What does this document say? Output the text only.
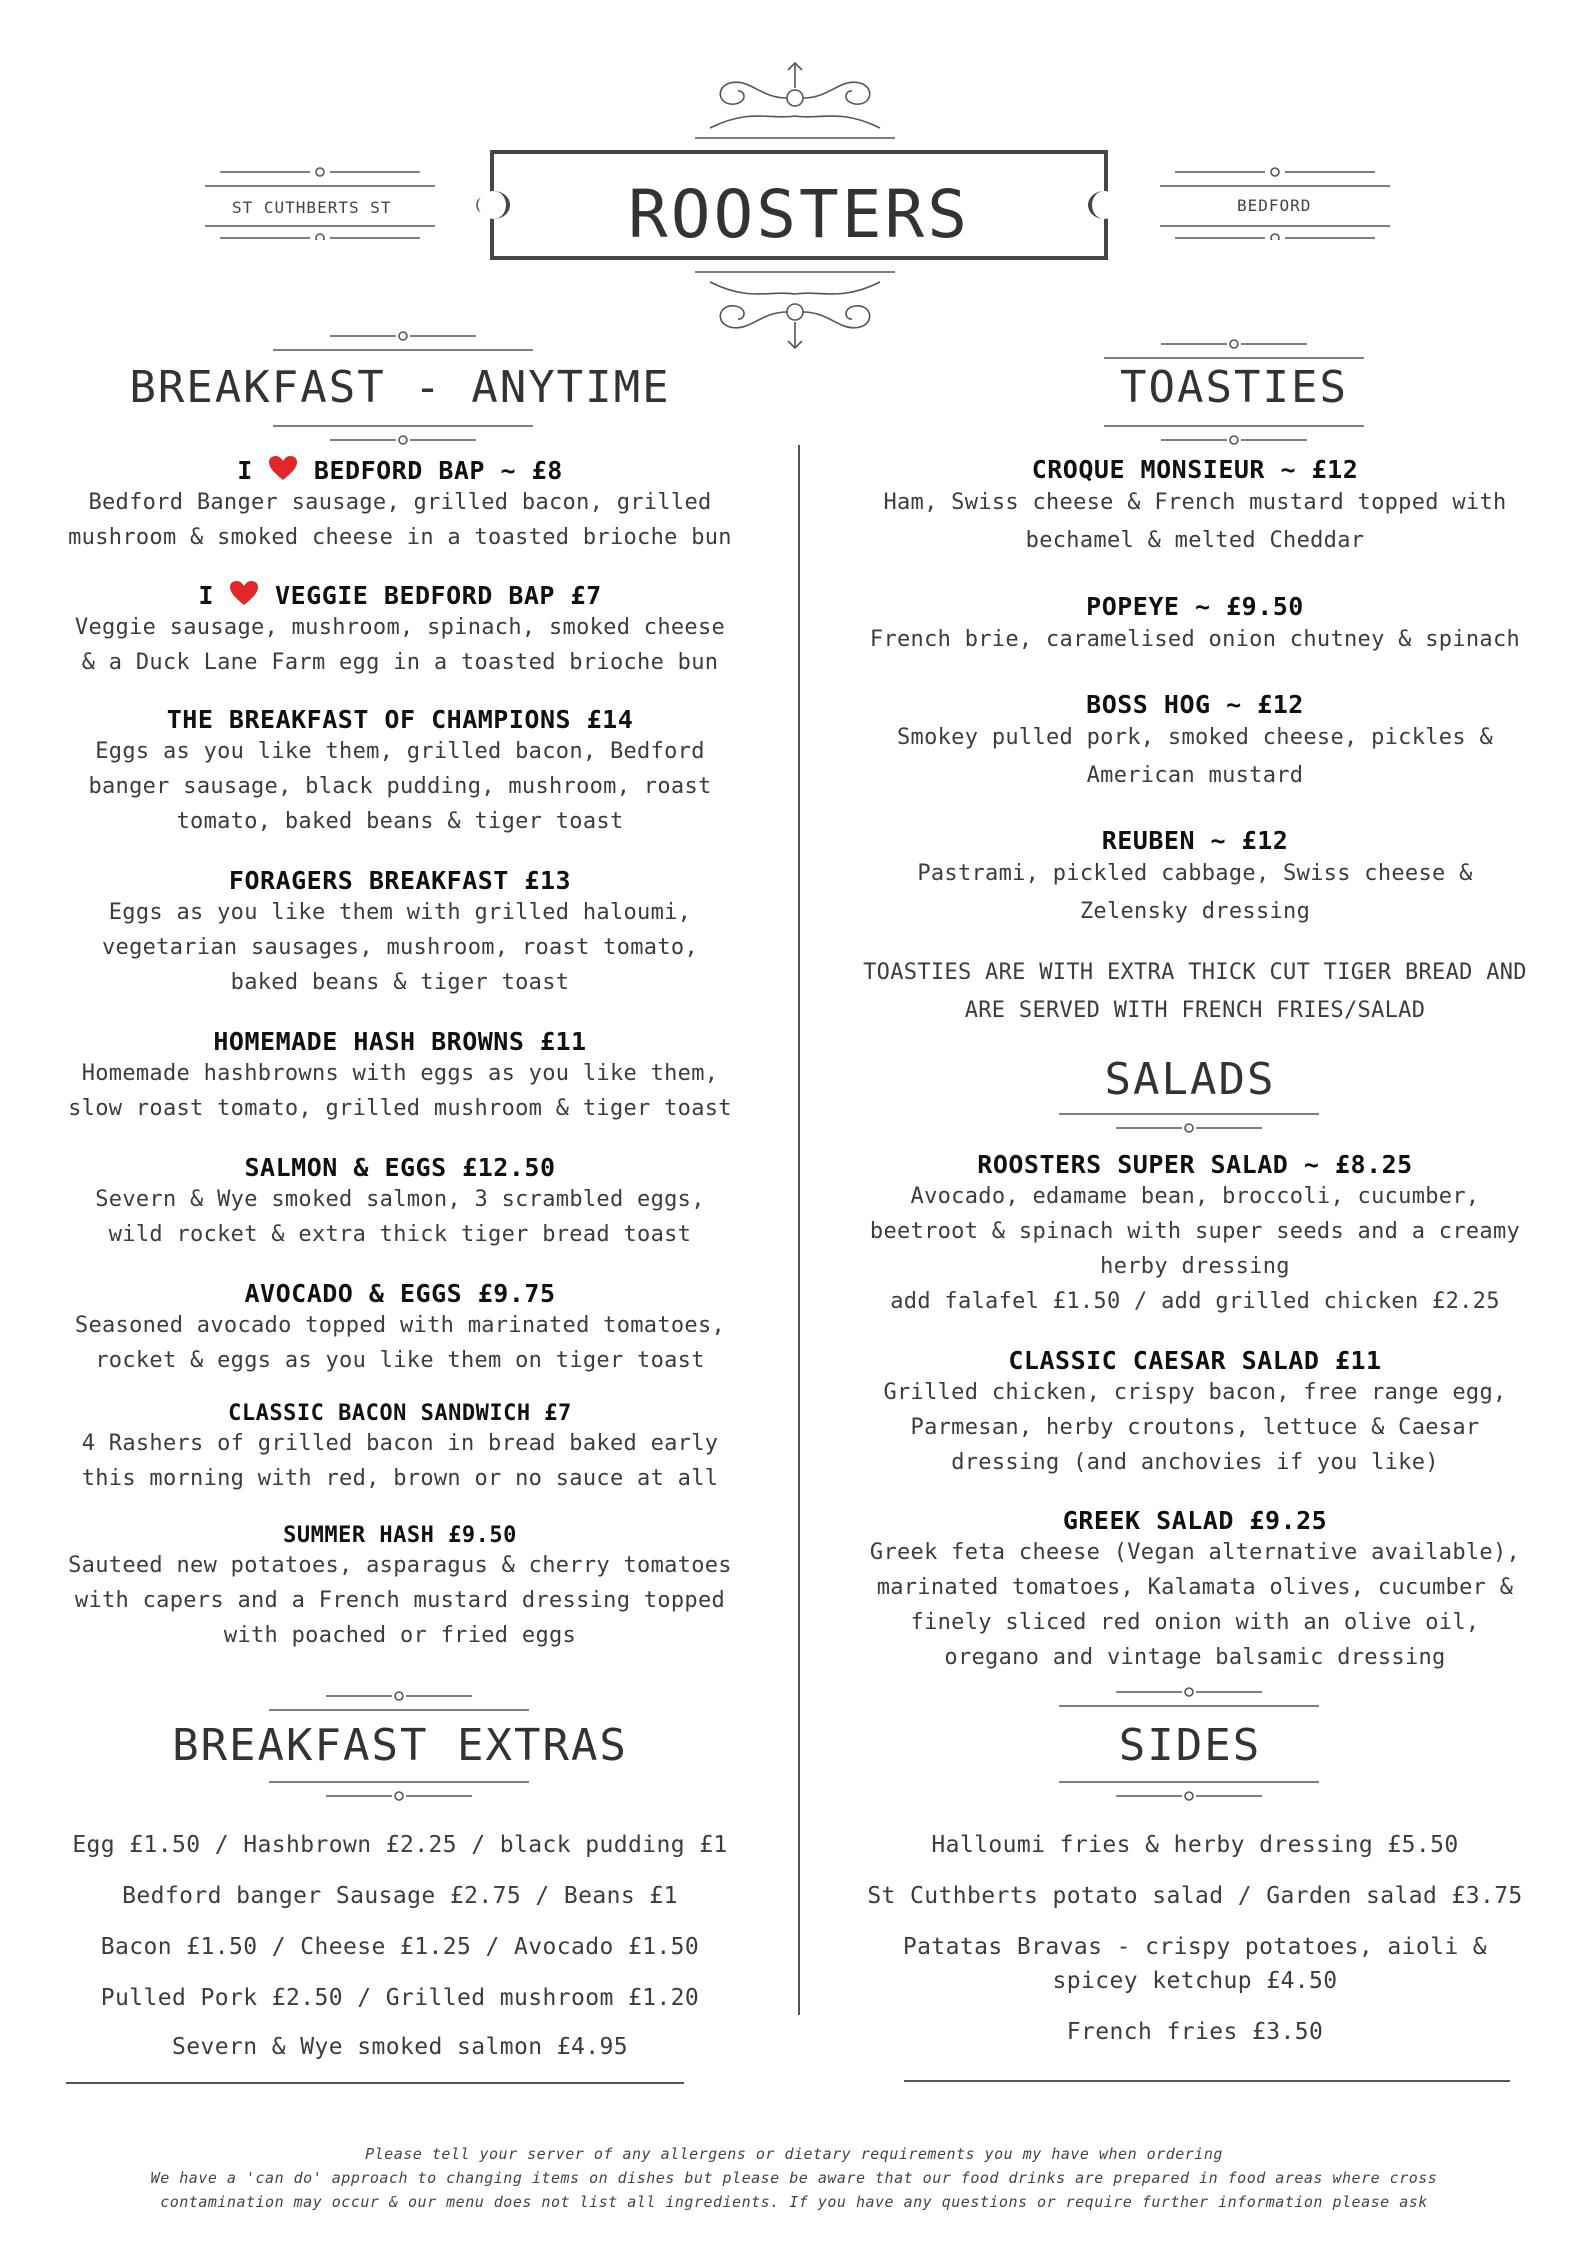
ST CUTHBERTS ST	BEDFORD
ROOSTERS
BREAKFAST - ANYTIME	TOASTIES
I BEDFORD BAP ~ £8
Bedford Banger sausage, grilled bacon, grilled
mushroom & smoked cheese in a toasted brioche bun
I VEGGIE BEDFORD BAP £7
Veggie sausage, mushroom, spinach, smoked cheese
& a Duck Lane Farm egg in a toasted brioche bun
THE BREAKFAST OF CHAMPIONS £14
Eggs as you like them, grilled bacon, Bedford
banger sausage, black pudding, mushroom, roast
tomato, baked beans & tiger toast
FORAGERS BREAKFAST £13
Eggs as you like them with grilled haloumi,
vegetarian sausages, mushroom, roast tomato,
baked beans & tiger toast
HOMEMADE HASH BROWNS £11
Homemade hashbrowns with eggs as you like them,
slow roast tomato, grilled mushroom & tiger toast
SALMON & EGGS £12.50
Severn & Wye smoked salmon, 3 scrambled eggs,
wild rocket & extra thick tiger bread toast
AVOCADO & EGGS £9.75
Seasoned avocado topped with marinated tomatoes,
rocket & eggs as you like them on tiger toast
CLASSIC BACON SANDWICH £7
4 Rashers of grilled bacon in bread baked early
this morning with red, brown or no sauce at all
SUMMER HASH £9.50
Sauteed new potatoes, asparagus & cherry tomatoes
with capers and a French mustard dressing topped
with poached or fried eggs
BREAKFAST EXTRAS

Egg £1.50 / Hashbrown £2.25 / black pudding £1

Bedford banger Sausage £2.75 / Beans £1

Bacon £1.50 / Cheese £1.25 / Avocado £1.50

Pulled Pork £2.50 / Grilled mushroom £1.20

Severn & Wye smoked salmon £4.95

CROQUE MONSIEUR ~ £12
Ham, Swiss cheese & French mustard topped with
bechamel & melted Cheddar
POPEYE ~ £9.50
French brie, caramelised onion chutney & spinach
BOSS HOG ~ £12
Smokey pulled pork, smoked cheese, pickles &
American mustard
REUBEN ~ £12
Pastrami, pickled cabbage, Swiss cheese &
Zelensky dressing
TOASTIES ARE WITH EXTRA THICK CUT TIGER BREAD AND
ARE SERVED WITH FRENCH FRIES/SALAD
SALADS
ROOSTERS SUPER SALAD ~ £8.25
Avocado, edamame bean, broccoli, cucumber,
beetroot & spinach with super seeds and a creamy
herby dressing
add falafel £1.50 / add grilled chicken £2.25
CLASSIC CAESAR SALAD £11
Grilled chicken, crispy bacon, free range egg,
Parmesan, herby croutons, lettuce & Caesar
dressing (and anchovies if you like)
GREEK SALAD £9.25
Greek feta cheese (Vegan alternative available),
marinated tomatoes, Kalamata olives, cucumber &
finely sliced red onion with an olive oil,
oregano and vintage balsamic dressing
SIDES

Halloumi fries & herby dressing £5.50

St Cuthberts potato salad / Garden salad £3.75

Patatas Bravas - crispy potatoes, aioli &

spicey ketchup £4.50

French fries £3.50

Please tell your server of any allergens or dietary requirements you my have when ordering
We have a 'can do' approach to changing items on dishes but please be aware that our food drinks are prepared in food areas where cross
contamination may occur & our menu does not list all ingredients. If you have any questions or require further information please ask
